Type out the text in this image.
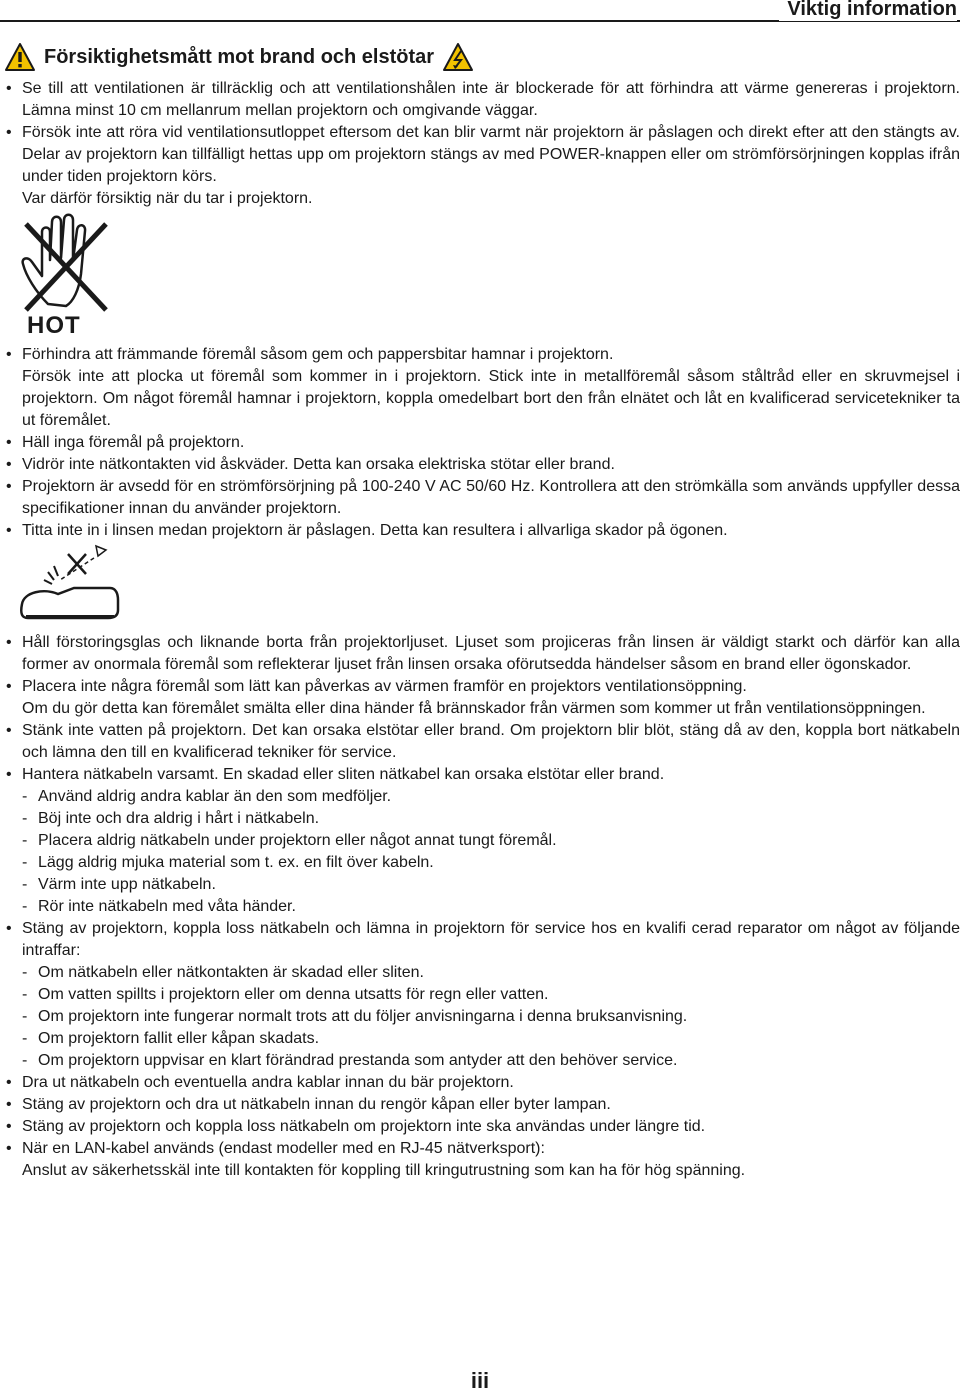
Viktig information
Försiktighetsmått mot brand och elstötar
• Se till att ventilationen är tillräcklig och att ventilationshålen inte är blockerade för att förhindra att värme genereras i projektorn. Lämna minst 10 cm mellanrum mellan projektorn och omgivande väggar.
• Försök inte att röra vid ventilationsutloppet eftersom det kan blir varmt när projektorn är påslagen och direkt efter att den stängts av. Delar av projektorn kan tillfälligt hettas upp om projektorn stängs av med POWER-knappen eller om strömförsörjningen kopplas ifrån under tiden projektorn körs.
Var därför försiktig när du tar i projektorn.
HOT
• Förhindra att främmande föremål såsom gem och pappersbitar hamnar i projektorn.
Försök inte att plocka ut föremål som kommer in i projektorn. Stick inte in metallföremål såsom ståltråd eller en skruvmejsel i projektorn. Om något föremål hamnar i projektorn, koppla omedelbart bort den från elnätet och låt en kvalificerad servicetekniker ta ut föremålet.
• Häll inga föremål på projektorn.
• Vidrör inte nätkontakten vid åskväder. Detta kan orsaka elektriska stötar eller brand.
• Projektorn är avsedd för en strömförsörjning på 100-240 V AC 50/60 Hz. Kontrollera att den strömkälla som används uppfyller dessa specifikationer innan du använder projektorn.
• Titta inte in i linsen medan projektorn är påslagen. Detta kan resultera i allvarliga skador på ögonen.
• Håll förstoringsglas och liknande borta från projektorljuset. Ljuset som projiceras från linsen är väldigt starkt och därför kan alla former av onormala föremål som reflekterar ljuset från linsen orsaka oförutsedda händelser såsom en brand eller ögonskador.
• Placera inte några föremål som lätt kan påverkas av värmen framför en projektors ventilationsöppning.
Om du gör detta kan föremålet smälta eller dina händer få brännskador från värmen som kommer ut från ventilationsöppningen.
• Stänk inte vatten på projektorn. Det kan orsaka elstötar eller brand. Om projektorn blir blöt, stäng då av den, koppla bort nätkabeln och lämna den till en kvalificerad tekniker för service.
• Hantera nätkabeln varsamt. En skadad eller sliten nätkabel kan orsaka elstötar eller brand.
- Använd aldrig andra kablar än den som medföljer.
- Böj inte och dra aldrig i hårt i nätkabeln.
- Placera aldrig nätkabeln under projektorn eller något annat tungt föremål.
- Lägg aldrig mjuka material som t. ex. en filt över kabeln.
- Värm inte upp nätkabeln.
- Rör inte nätkabeln med våta händer.
• Stäng av projektorn, koppla loss nätkabeln och lämna in projektorn för service hos en kvalifi cerad reparator om något av följande intraffar:
- Om nätkabeln eller nätkontakten är skadad eller sliten.
- Om vatten spillts i projektorn eller om denna utsatts för regn eller vatten.
- Om projektorn inte fungerar normalt trots att du följer anvisningarna i denna bruksanvisning.
- Om projektorn fallit eller kåpan skadats.
- Om projektorn uppvisar en klart förändrad prestanda som antyder att den behöver service.
• Dra ut nätkabeln och eventuella andra kablar innan du bär projektorn.
• Stäng av projektorn och dra ut nätkabeln innan du rengör kåpan eller byter lampan.
• Stäng av projektorn och koppla loss nätkabeln om projektorn inte ska användas under längre tid.
• När en LAN-kabel används (endast modeller med en RJ-45 nätverksport):
Anslut av säkerhetsskäl inte till kontakten för koppling till kringutrustning som kan ha för hög spänning.
iii
